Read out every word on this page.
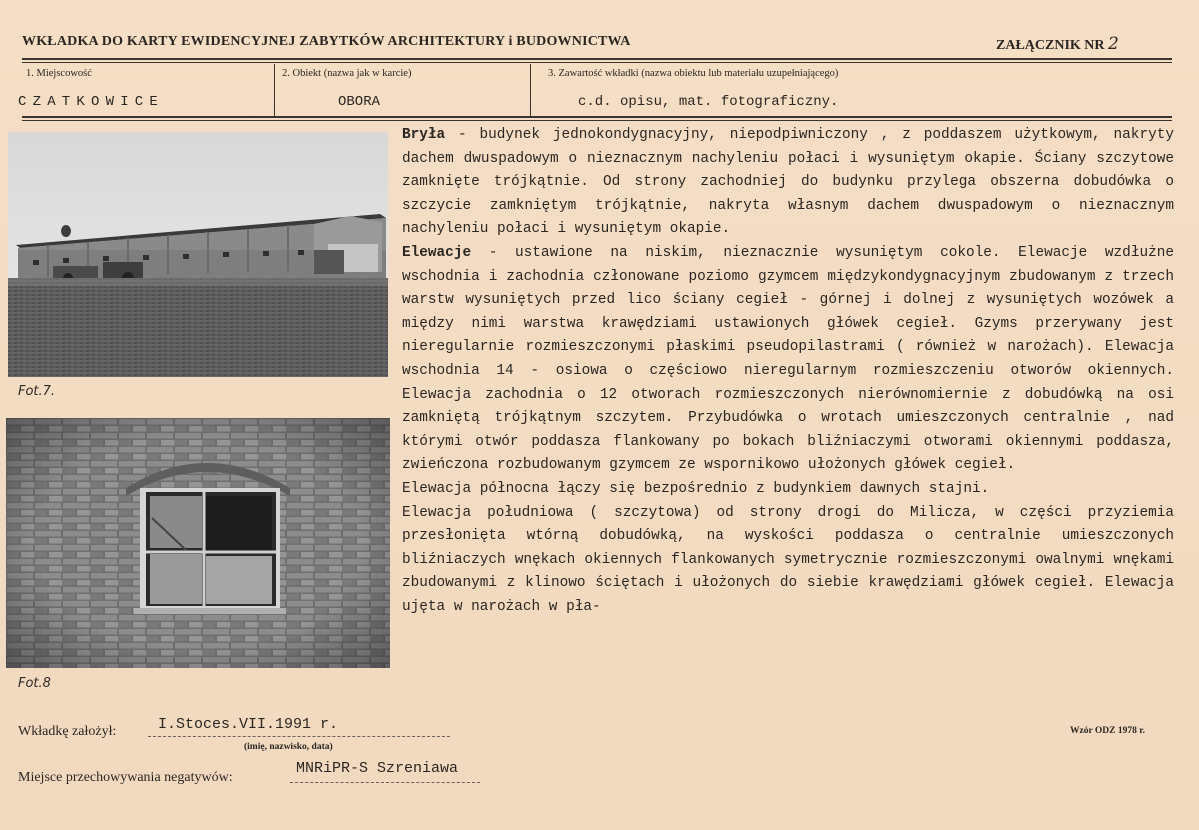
WKŁADKA DO KARTY EWIDENCYJNEJ ZABYTKÓW ARCHITEKTURY i BUDOWNICTWA	ZAŁĄCZNIK NR 2
1. Miejscowość	2. Obiekt (nazwa jak w karcie)	3. Zawartość wkładki (nazwa obiektu lub materiału uzupełniającego)
CZATKOWICE	OBORA	c.d. opisu, mat. fotograficzny.
Fot.7.
Fot.8

Bryła - budynek jednokondygnacyjny, niepodpiwniczony , z poddaszem użytkowym, nakryty dachem dwuspadowym o nieznacznym nachyleniu połaci i wysuniętym okapie. Ściany szczytowe zamknięte trójkątnie. Od strony zachodniej do budynku przylega obszerna dobudówka o szczycie zamkniętym trójkątnie, nakryta własnym dachem dwuspadowym o nieznacznym nachyleniu połaci i wysuniętym okapie.

Elewacje - ustawione na niskim, nieznacznie wysuniętym cokole. Elewacje wzdłużne wschodnia i zachodnia członowane poziomo gzymcem międzykondygnacyjnym zbudowanym z trzech warstw wysuniętych przed lico ściany cegieł - górnej i dolnej z wysuniętych wozówek a między nimi warstwa krawędziami ustawionych główek cegieł. Gzyms przerywany jest nieregularnie rozmieszczonymi płaskimi pseudopilastrami ( również w narożach). Elewacja wschodnia 14 - osiowa o częściowo nieregularnym rozmieszczeniu otworów okiennych. Elewacja zachodnia o 12 otworach rozmieszczonych nierównomiernie z dobudówką na osi zamkniętą trójkątnym szczytem. Przybudówka o wrotach umieszczonych centralnie , nad którymi otwór poddasza flankowany po bokach bliźniaczymi otworami okiennymi poddasza, zwieńczona rozbudowanym gzymcem ze wspornikowo ułożonych główek cegieł.

Elewacja północna łączy się bezpośrednio z budynkiem dawnych stajni.

Elewacja południowa ( szczytowa) od strony drogi do Milicza, w części przyziemia przesłonięta wtórną dobudówką, na wyskości poddasza o centralnie umieszczonych bliźniaczych wnękach okiennych flankowanych symetrycznie rozmieszczonymi owalnymi wnękami zbudowanymi z klinowo ściętach i ułożonych do siebie krawędziami główek cegieł. Elewacja ujęta w narożach w pła-

Wkładkę założył:	I.Stoces.VII.1991 r.
(imię, nazwisko, data)
Wzór ODZ 1978 r.
Miejsce przechowywania negatywów:
MNRiPR-S Szreniawa
